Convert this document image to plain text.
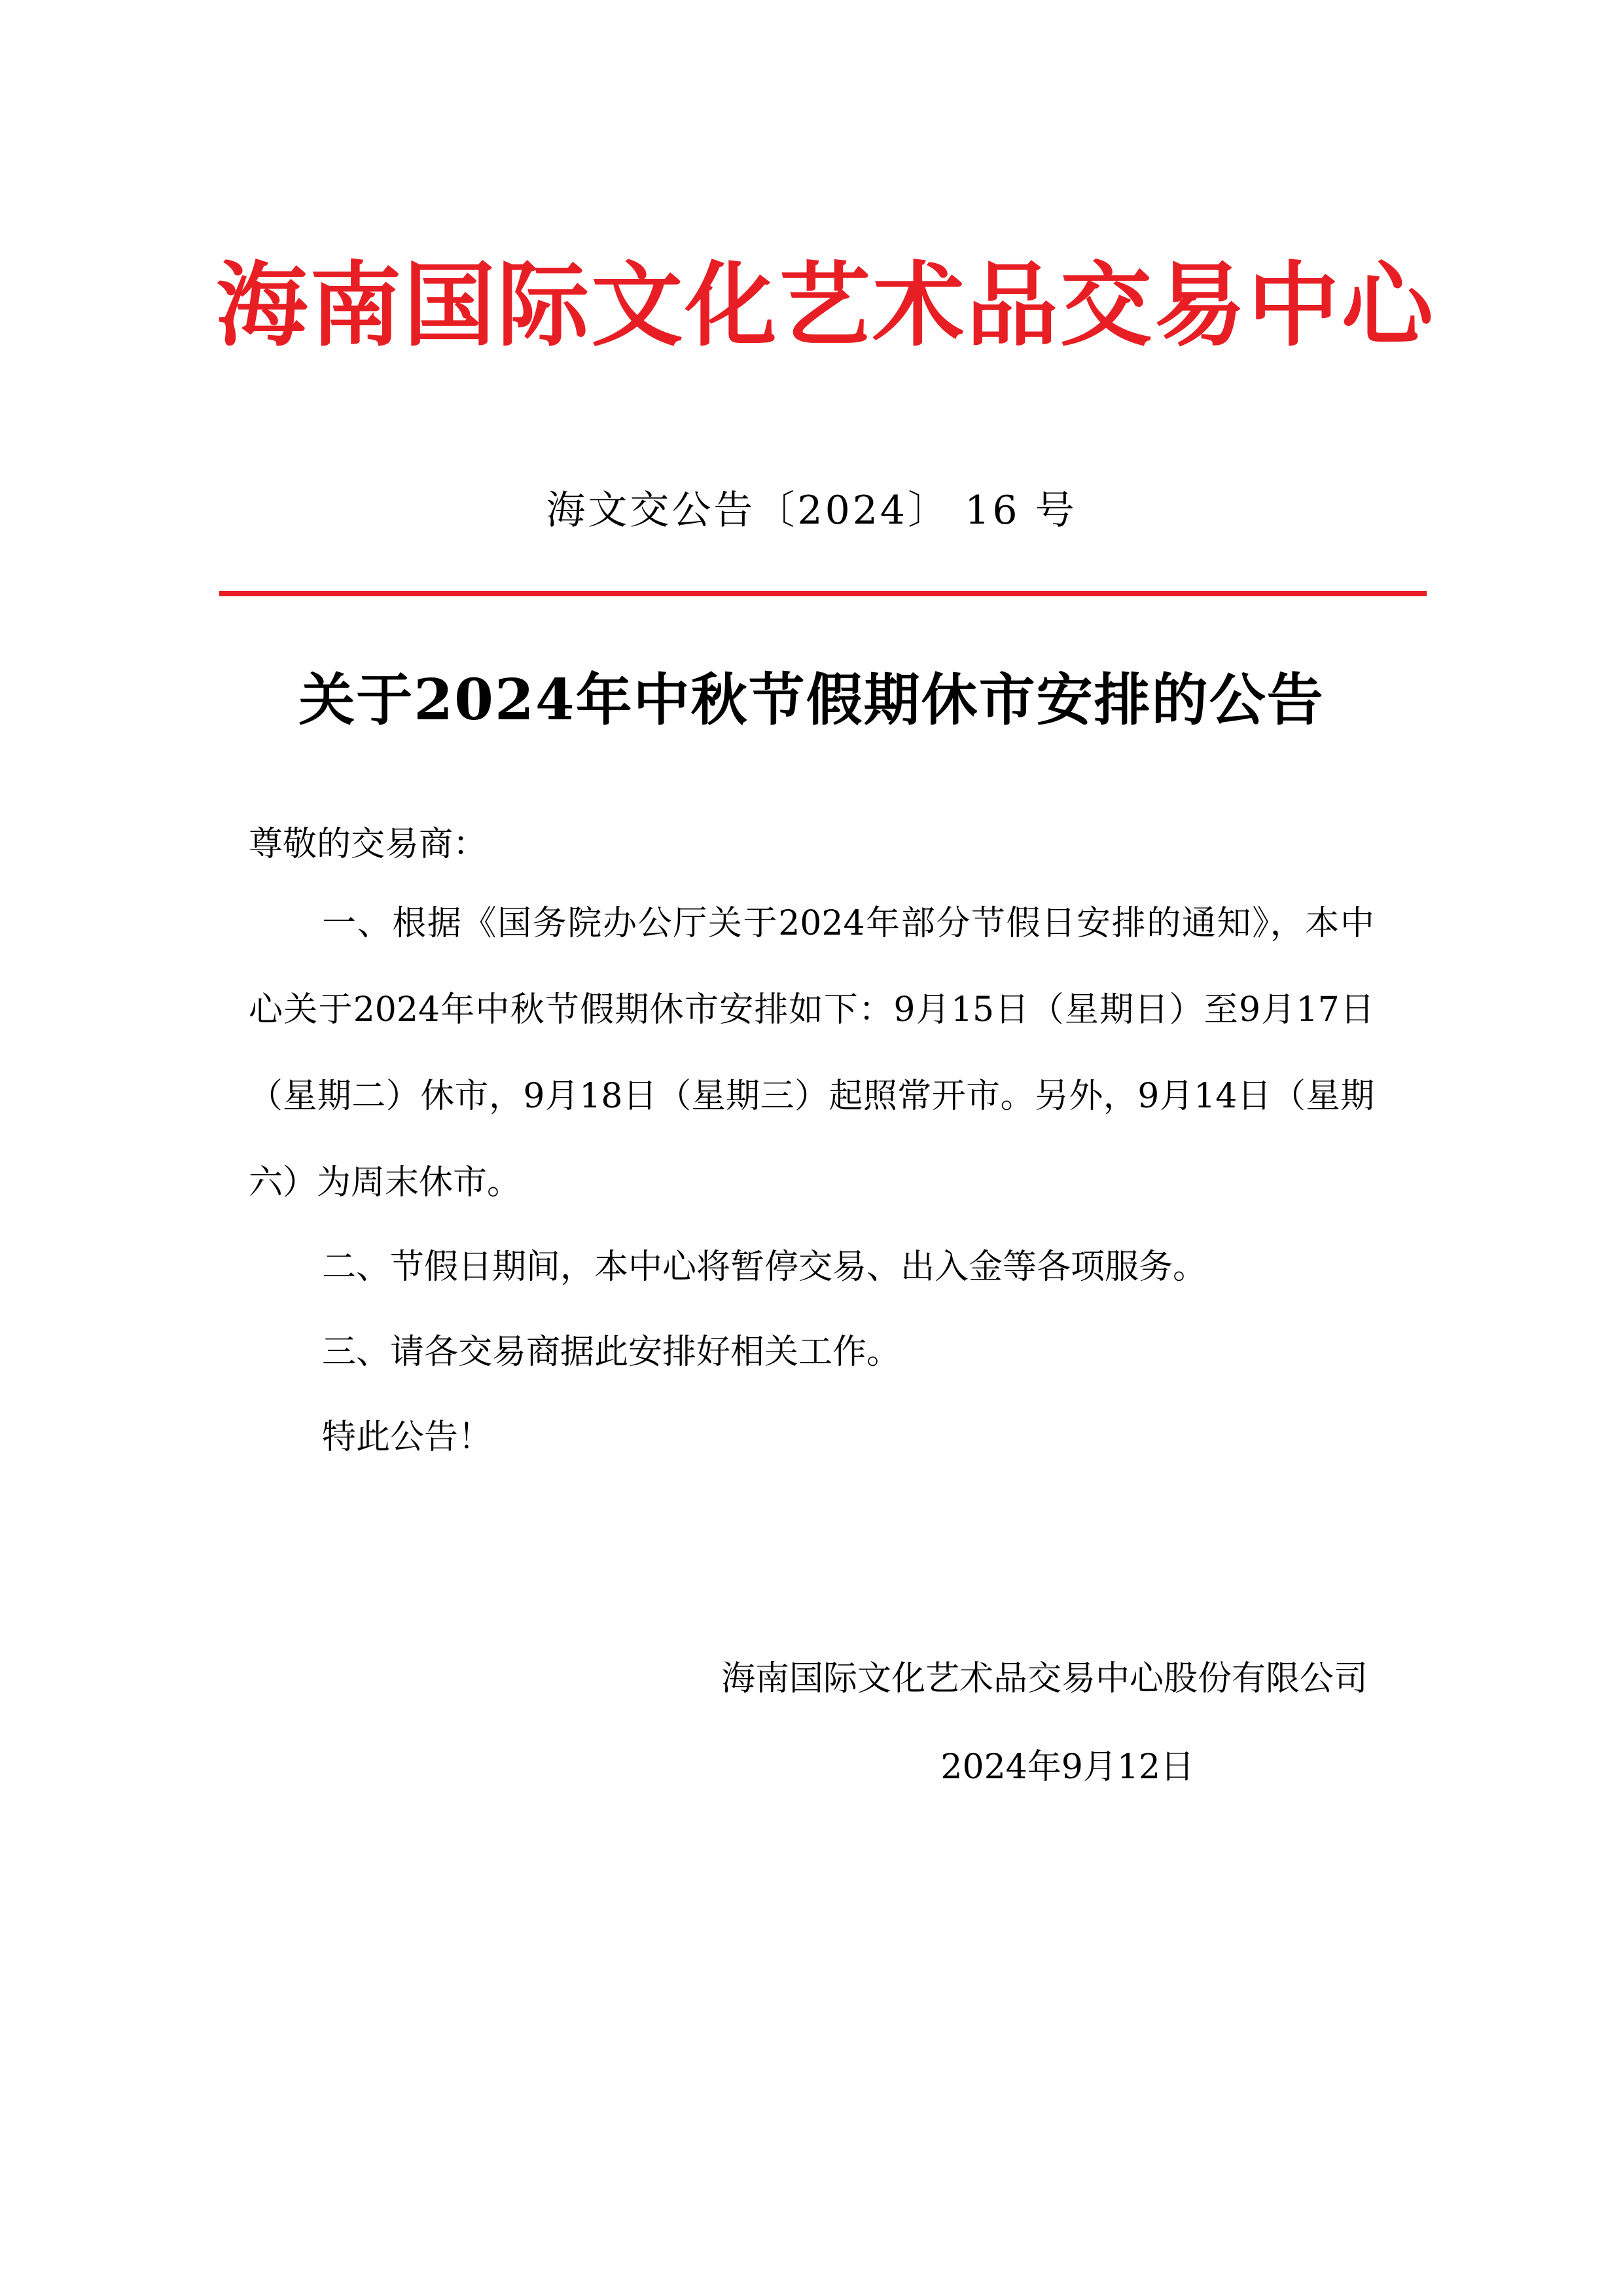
海 南 国 际 文 化 艺 术 品 交 易 中 心
海文交公告〔2024〕 16 号
关于2024年中秋节假期休市安排的公告
尊敬的交易商：

一、根据《国务院办公厅关于2024年部分节假日安排的通知》，本中心关于2024年中秋节假期休市安排如下：9月15日（星期日）至9月17日（星期二）休市，9月18日（星期三）起照常开市。另外，9月14日（星期六）为周末休市。

二、节假日期间，本中心将暂停交易、出入金等各项服务。

三、请各交易商据此安排好相关工作。

特此公告！

海南国际文化艺术品交易中心股份有限公司
2024年9月12日
